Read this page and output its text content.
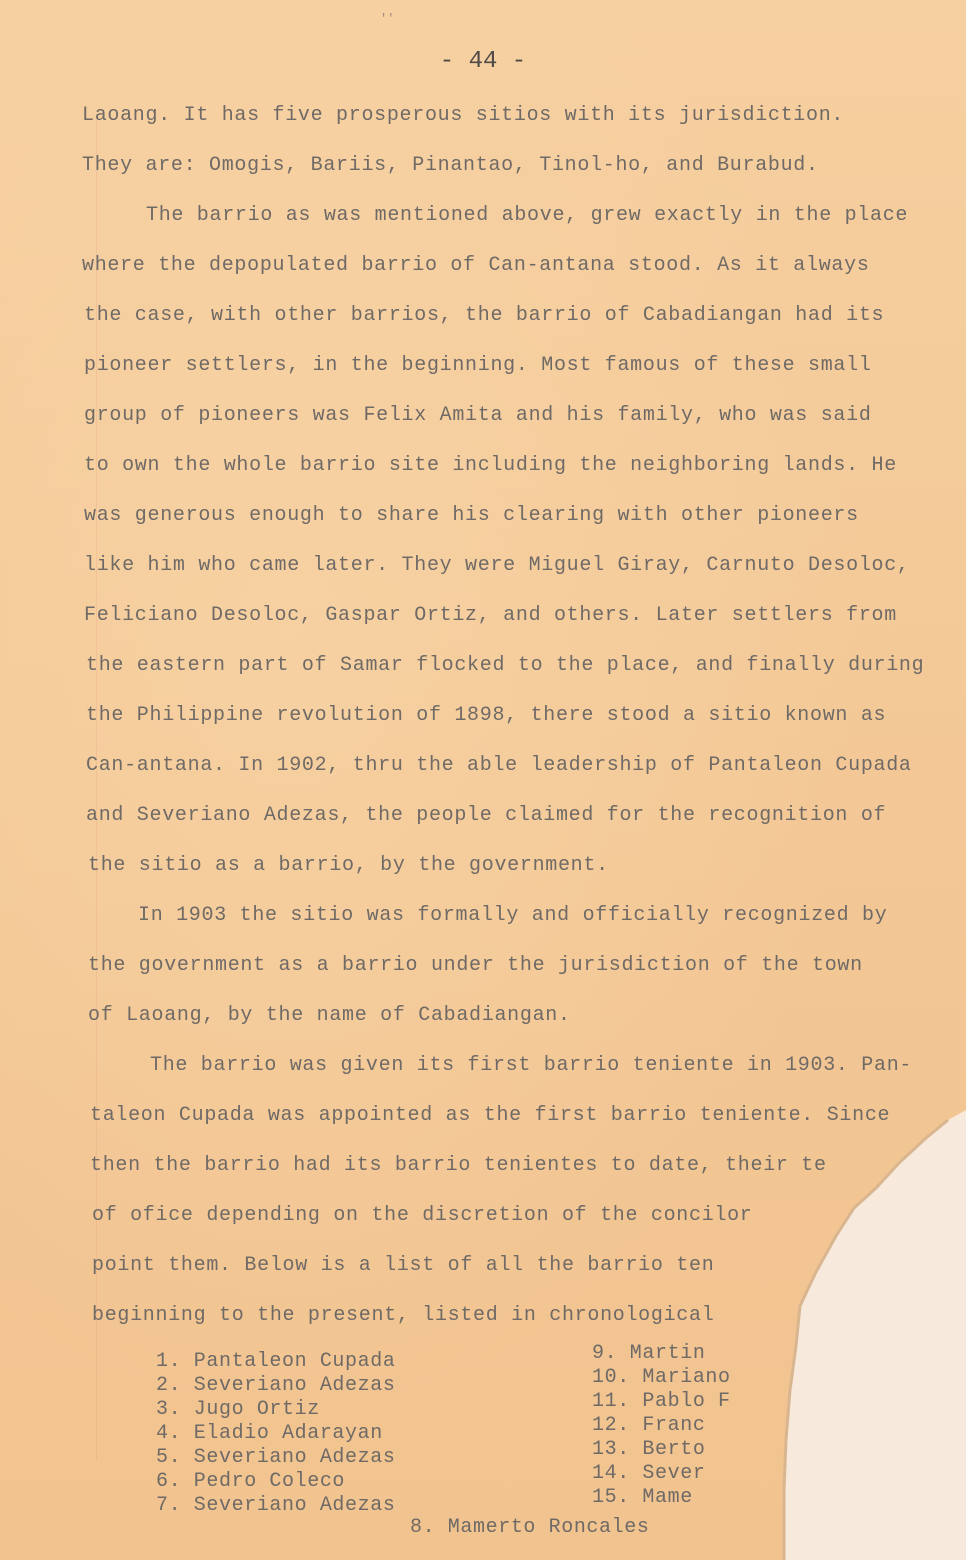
- 44 -
Laoang. It has five prosperous sitios with its jurisdiction.
They are: Omogis, Bariis, Pinantao, Tinol-ho, and Burabud.
The barrio as was mentioned above, grew exactly in the place
where the depopulated barrio of Can-antana stood. As it always
the case, with other barrios, the barrio of Cabadiangan had its
pioneer settlers, in the beginning. Most famous of these small
group of pioneers was Felix Amita and his family, who was said
to own the whole barrio site including the neighboring lands. He
was generous enough to share his clearing with other pioneers
like him who came later. They were Miguel Giray, Carnuto Desoloc,
Feliciano Desoloc, Gaspar Ortiz, and others. Later settlers from
the eastern part of Samar flocked to the place, and finally during
the Philippine revolution of 1898, there stood a sitio known as
Can-antana. In 1902, thru the able leadership of Pantaleon Cupada
and Severiano Adezas, the people claimed for the recognition of
the sitio as a barrio, by the government.
In 1903 the sitio was formally and officially recognized by
the government as a barrio under the jurisdiction of the town
of Laoang, by the name of Cabadiangan.
The barrio was given its first barrio teniente in 1903. Pan-
taleon Cupada was appointed as the first barrio teniente. Since
then the barrio had its barrio tenientes to date, their te
of ofice depending on the discretion of the concilor
point them. Below is a list of all the barrio ten
beginning to the present, listed in chronological
1. Pantaleon Cupada
2. Severiano Adezas
3. Jugo Ortiz
4. Eladio Adarayan
5. Severiano Adezas
6. Pedro Coleco
7. Severiano Adezas
9. Martin
10. Mariano
11. Pablo F
12. Franc
13. Berto
14. Sever
15. Mame
8. Mamerto Roncales
′′
